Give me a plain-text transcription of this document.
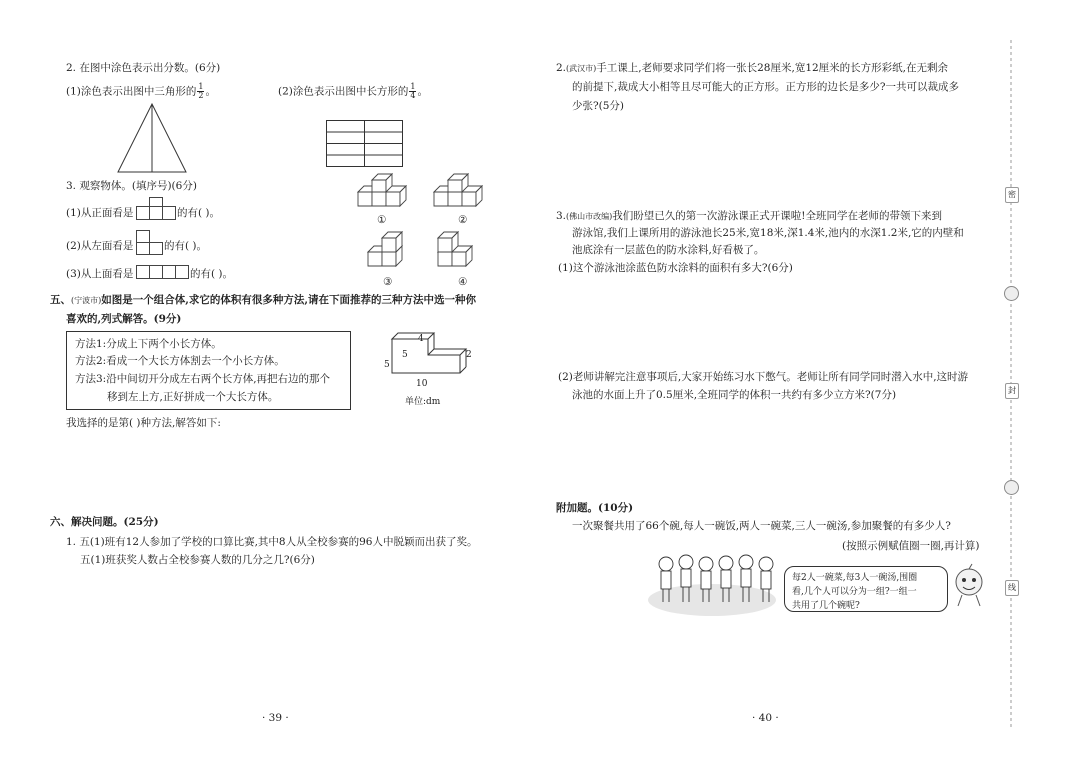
2. 在图中涂色表示出分数。(6分)
(1)涂色表示出图中三角形的 $\frac{1}{2}$ 。	(2)涂色表示出图中长方形的 $\frac{1}{4}$ 。
3. 观察物体。(填序号)(6分)
(1)从正面看是	的有( )。
(2)从左面看是	的有( )。
(3)从上面看是	的有( )。
①	②
③	④
五、(宁波市)如图是一个组合体,求它的体积有很多种方法,请在下面推荐的三种方法中选一种你
喜欢的,列式解答。(9分)
方法1:分成上下两个小长方体。
方法2:看成一个大长方体割去一个小长方体。
方法3:沿中间切开分成左右两个长方体,再把右边的那个
移到左上方,正好拼成一个大长方体。
4
5
5
2
10
单位:dm
我选择的是第( )种方法,解答如下:
六、解决问题。(25分)
1. 五(1)班有12人参加了学校的口算比赛,其中8人从全校参赛的96人中脱颖而出获了奖。
五(1)班获奖人数占全校参赛人数的几分之几?(6分)
· 39 ·
2.(武汉市)手工课上,老师要求同学们将一张长28厘米,宽12厘米的长方形彩纸,在无剩余
的前提下,裁成大小相等且尽可能大的正方形。正方形的边长是多少?一共可以裁成多
少张?(5分)
3.(佛山市改编)我们盼望已久的第一次游泳课正式开课啦!全班同学在老师的带领下来到
游泳馆,我们上课所用的游泳池长25米,宽18米,深1.4米,池内的水深1.2米,它的内壁和
池底涂有一层蓝色的防水涂料,好看极了。
(1)这个游泳池涂蓝色防水涂料的面积有多大?(6分)
(2)老师讲解完注意事项后,大家开始练习水下憋气。老师让所有同学同时潜入水中,这时游
泳池的水面上升了0.5厘米,全班同学的体积一共约有多少立方米?(7分)
附加题。(10分)
一次聚餐共用了66个碗,每人一碗饭,两人一碗菜,三人一碗汤,参加聚餐的有多少人?
(按照示例赋值圈一圈,再计算)
每2人一碗菜,每3人一碗汤,围圈
看,几个人可以分为一组?一组一
共用了几个碗呢?
· 40 ·
密
封
线
